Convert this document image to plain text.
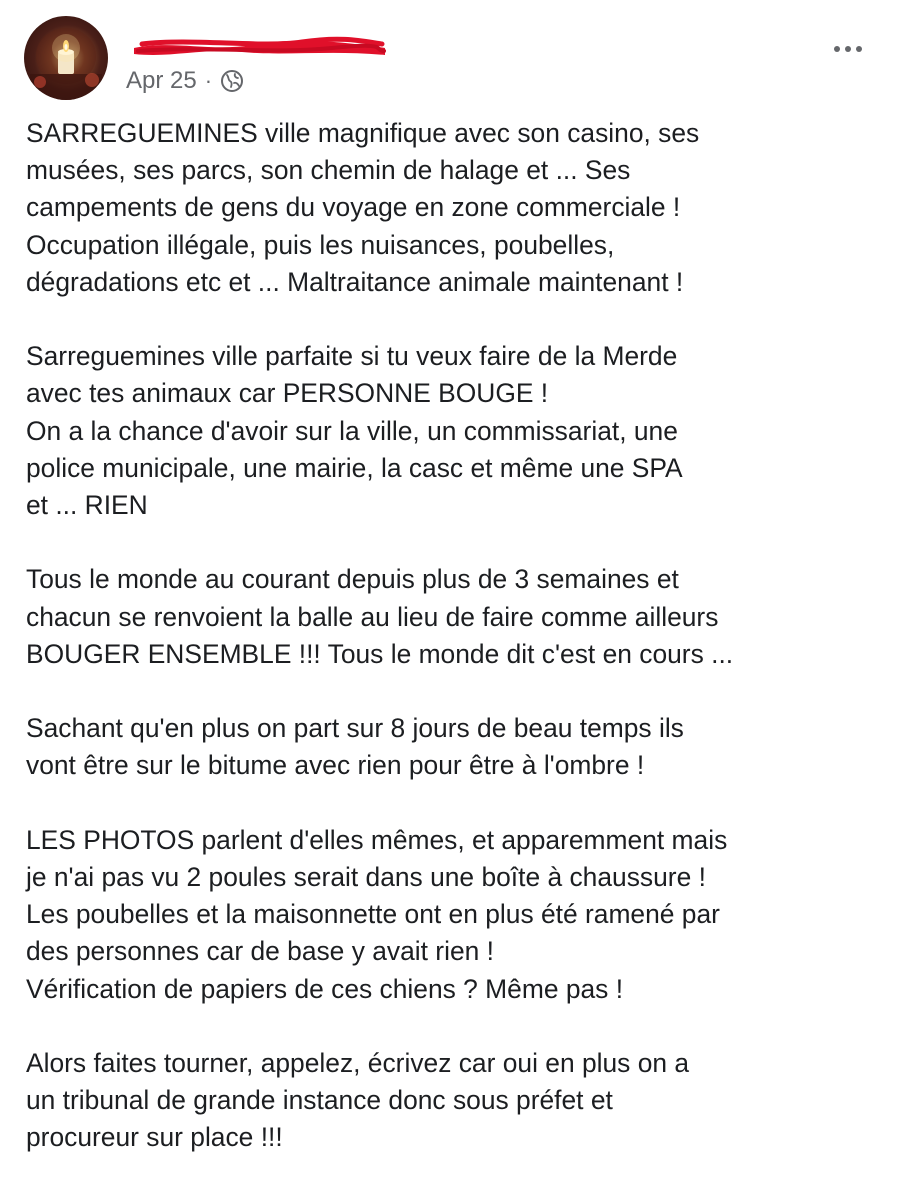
Apr 25 ·

SARREGUEMINES ville magnifique avec son casino, ses
musées, ses parcs, son chemin de halage et ... Ses
campements de gens du voyage en zone commerciale !
Occupation illégale, puis les nuisances, poubelles,
dégradations etc et ... Maltraitance animale maintenant !

Sarreguemines ville parfaite si tu veux faire de la Merde
avec tes animaux car PERSONNE BOUGE !
On a la chance d'avoir sur la ville, un commissariat, une
police municipale, une mairie, la casc et même une SPA
et ... RIEN

Tous le monde au courant depuis plus de 3 semaines et
chacun se renvoient la balle au lieu de faire comme ailleurs
BOUGER ENSEMBLE !!! Tous le monde dit c'est en cours ...

Sachant qu'en plus on part sur 8 jours de beau temps ils
vont être sur le bitume avec rien pour être à l'ombre !

LES PHOTOS parlent d'elles mêmes, et apparemment mais
je n'ai pas vu 2 poules serait dans une boîte à chaussure !
Les poubelles et la maisonnette ont en plus été ramené par
des personnes car de base y avait rien !
Vérification de papiers de ces chiens ? Même pas !

Alors faites tourner, appelez, écrivez car oui en plus on a
un tribunal de grande instance donc sous préfet et
procureur sur place !!!
